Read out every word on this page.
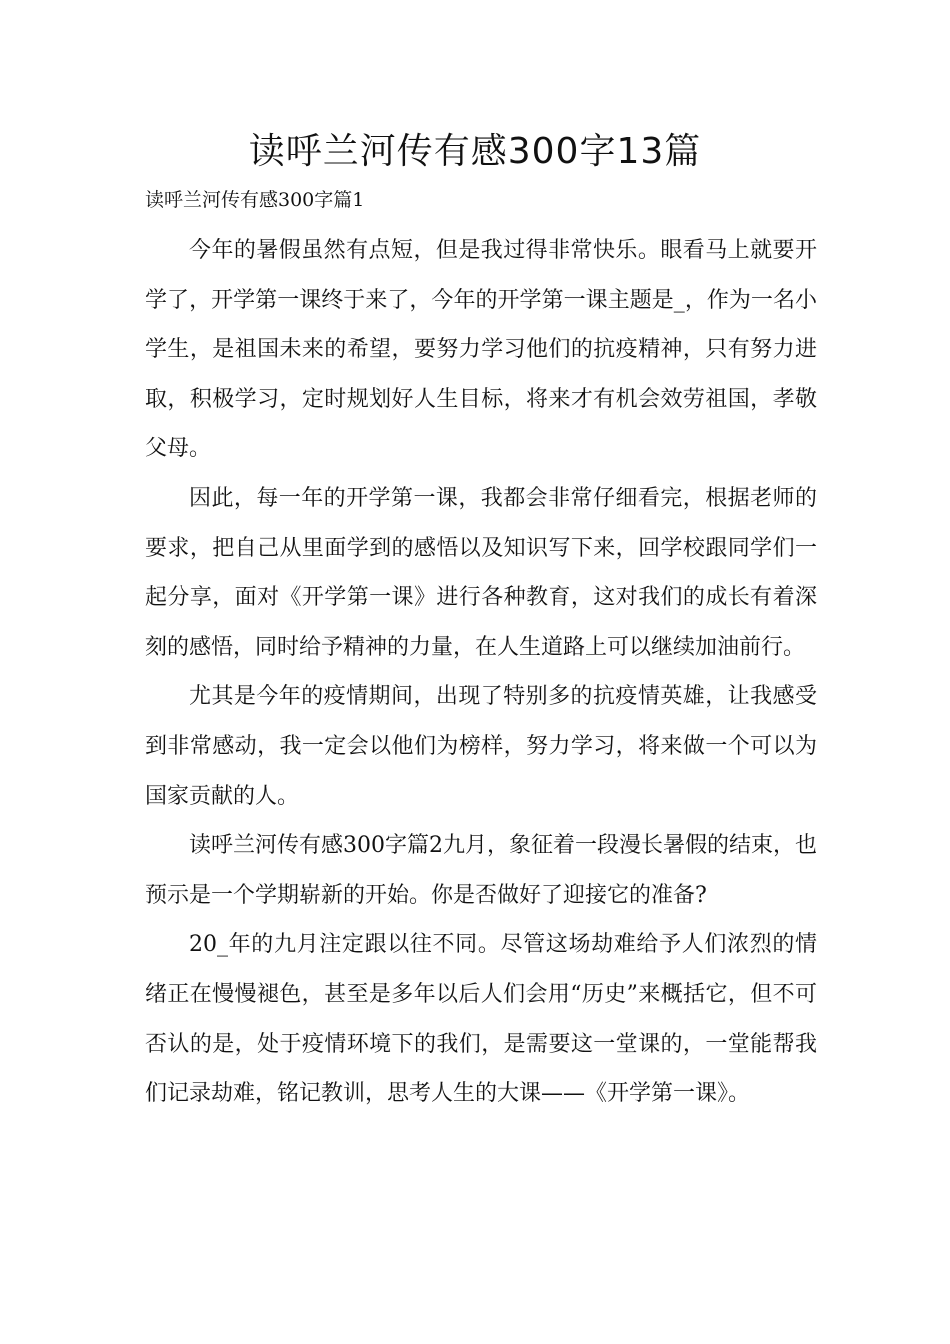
读呼兰河传有感300字13篇
读呼兰河传有感300字篇1

今年的暑假虽然有点短，但是我过得非常快乐。眼看马上就要开学了，开学第一课终于来了，今年的开学第一课主题是_，作为一名小学生，是祖国未来的希望，要努力学习他们的抗疫精神，只有努力进取，积极学习，定时规划好人生目标，将来才有机会效劳祖国，孝敬父母。

因此，每一年的开学第一课，我都会非常仔细看完，根据老师的要求，把自己从里面学到的感悟以及知识写下来，回学校跟同学们一起分享，面对《开学第一课》进行各种教育，这对我们的成长有着深刻的感悟，同时给予精神的力量，在人生道路上可以继续加油前行。

尤其是今年的疫情期间，出现了特别多的抗疫情英雄，让我感受到非常感动，我一定会以他们为榜样，努力学习，将来做一个可以为国家贡献的人。

读呼兰河传有感300字篇2九月，象征着一段漫长暑假的结束，也预示是一个学期崭新的开始。你是否做好了迎接它的准备?

20_年的九月注定跟以往不同。尽管这场劫难给予人们浓烈的情绪正在慢慢褪色，甚至是多年以后人们会用“历史”来概括它，但不可否认的是，处于疫情环境下的我们，是需要这一堂课的，一堂能帮我们记录劫难，铭记教训，思考人生的大课——《开学第一课》。
